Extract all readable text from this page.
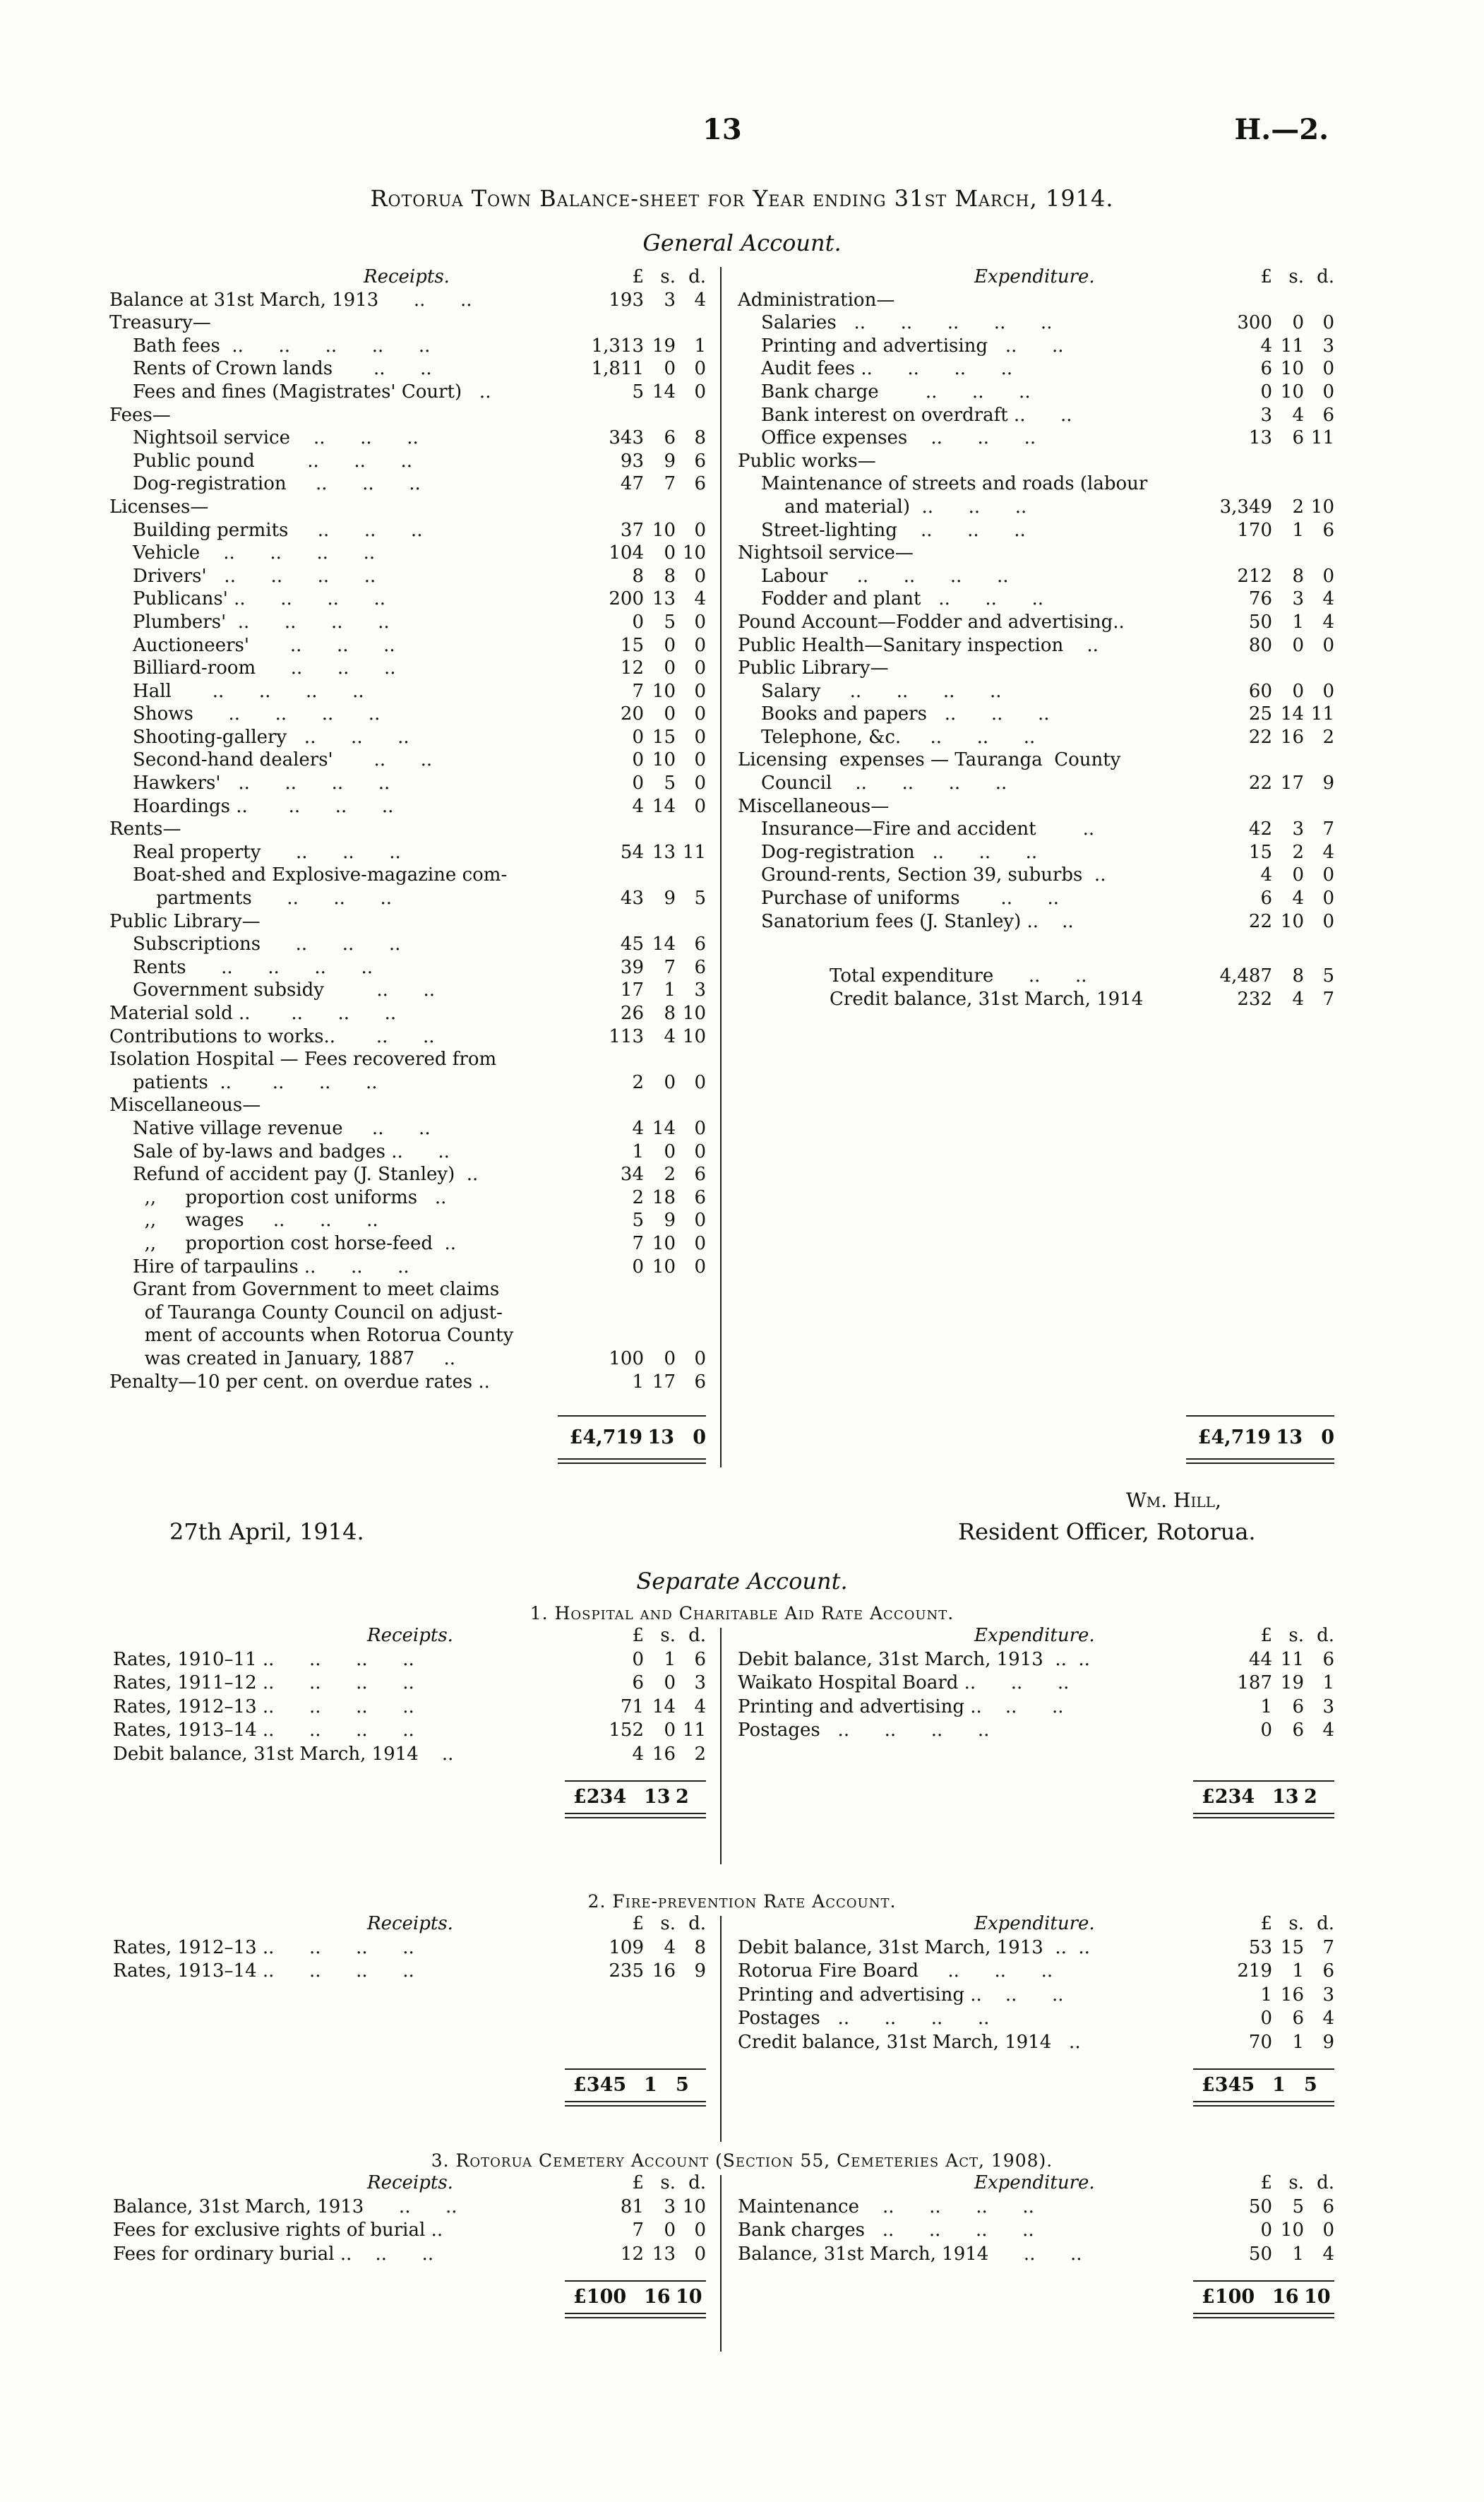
13	H.—2.
Rotorua Town Balance-sheet for Year ending 31st March, 1914.
General Account.
Receipts.	£ s. d.
Balance at 31st March, 1913      ..      ..	193	3	4
Treasury—
Bath fees  ..      ..      ..      ..      ..	1,313 19	1
Rents of Crown lands       ..      ..	1,811	0	0
Fees and fines (Magistrates' Court)   ..	5 14	0
Fees—
Nightsoil service    ..      ..      ..	343	6	8
Public pound         ..      ..      ..	93	9	6
Dog-registration     ..      ..      ..	47	7	6
Licenses—
Building permits     ..      ..      ..	37 10	0
Vehicle    ..      ..      ..      ..	104	0 10
Drivers'   ..      ..      ..      ..	8	8	0
Publicans' ..      ..      ..      ..	200 13	4
Plumbers'  ..      ..      ..      ..	0	5	0
Auctioneers'       ..      ..      ..	15	0	0
Billiard-room      ..      ..      ..	12	0	0
Hall       ..      ..      ..      ..	7 10	0
Shows      ..      ..      ..      ..	20	0	0
Shooting-gallery   ..      ..      ..	0 15	0
Second-hand dealers'       ..      ..	0 10	0
Hawkers'   ..      ..      ..      ..	0	5	0
Hoardings ..       ..      ..      ..	4 14	0
Rents—
Real property      ..      ..      ..	54 13 11
Boat-shed and Explosive-magazine com-
partments      ..      ..      ..	43	9	5
Public Library—
Subscriptions      ..      ..      ..	45 14	6
Rents      ..      ..      ..      ..	39	7	6
Government subsidy         ..      ..	17	1	3
Material sold ..       ..      ..      ..	26	8 10
Contributions to works..       ..      ..	113	4 10
Isolation Hospital — Fees recovered from
patients  ..       ..      ..      ..	2	0	0
Miscellaneous—
Native village revenue     ..      ..	4 14	0
Sale of by-laws and badges ..      ..	1	0	0
Refund of accident pay (J. Stanley)  ..	34	2	6
,,     proportion cost uniforms   ..	2 18	6
,,     wages     ..      ..      ..	5	9	0
,,     proportion cost horse-feed  ..	7 10	0
Hire of tarpaulins ..      ..      ..	0 10	0
Grant from Government to meet claims
of Tauranga County Council on adjust-
ment of accounts when Rotorua County
was created in January, 1887     ..	100	0	0
Penalty—10 per cent. on overdue rates ..	1 17	6
Expenditure.	£ s. d.
Administration—
Salaries   ..      ..      ..      ..      ..	300	0	0
Printing and advertising   ..      ..	4 11	3
Audit fees ..      ..      ..      ..	6 10	0
Bank charge        ..      ..      ..	0 10	0
Bank interest on overdraft ..      ..	3	4	6
Office expenses    ..      ..      ..	13	6 11
Public works—
Maintenance of streets and roads (labour
and material)  ..      ..      ..	3,349	2 10
Street-lighting    ..      ..      ..	170	1	6
Nightsoil service—
Labour     ..      ..      ..      ..	212	8	0
Fodder and plant   ..      ..      ..	76	3	4
Pound Account—Fodder and advertising..	50	1	4
Public Health—Sanitary inspection    ..	80	0	0
Public Library—
Salary     ..      ..      ..      ..	60	0	0
Books and papers   ..      ..      ..	25 14 11
Telephone, &c.     ..      ..      ..	22 16	2
Licensing  expenses — Tauranga  County
Council    ..      ..      ..      ..	22 17	9
Miscellaneous—
Insurance—Fire and accident        ..	42	3	7
Dog-registration   ..      ..      ..	15	2	4
Ground-rents, Section 39, suburbs  ..	4	0	0
Purchase of uniforms       ..      ..	6	4	0
Sanatorium fees (J. Stanley) ..    ..	22 10	0
Total expenditure      ..      ..	4,487	8	5
Credit balance, 31st March, 1914	232	4	7
£4,719 13 0	£4,719 13 0
27th April, 1914.
Wm. Hill,
Resident Officer, Rotorua.
Separate Account.
1. Hospital and Charitable Aid Rate Account.
Receipts.	£ s. d.
Rates, 1910–11 ..      ..      ..      ..	0	1	6
Rates, 1911–12 ..      ..      ..      ..	6	0	3
Rates, 1912–13 ..      ..      ..      ..	71 14	4
Rates, 1913–14 ..      ..      ..      ..	152	0 11
Debit balance, 31st March, 1914    ..	4 16	2
£234 13 2
Expenditure.	£ s. d.
Debit balance, 31st March, 1913  ..  ..	44 11	6
Waikato Hospital Board ..      ..      ..	187 19	1
Printing and advertising ..    ..      ..	1	6	3
Postages   ..      ..      ..      ..	0	6	4
£234 13 2
2. Fire-prevention Rate Account.
Receipts.	£ s. d.
Rates, 1912–13 ..      ..      ..      ..	109	4	8
Rates, 1913–14 ..      ..      ..      ..	235 16	9
£345 1 5
Expenditure.	£ s. d.
Debit balance, 31st March, 1913  ..  ..	53 15	7
Rotorua Fire Board     ..      ..      ..	219	1	6
Printing and advertising ..    ..      ..	1 16	3
Postages   ..      ..      ..      ..	0	6	4
Credit balance, 31st March, 1914   ..	70	1	9
£345 1 5
3. Rotorua Cemetery Account (Section 55, Cemeteries Act, 1908).
Receipts.	£ s. d.
Balance, 31st March, 1913      ..      ..	81	3 10
Fees for exclusive rights of burial ..	7	0	0
Fees for ordinary burial ..    ..      ..	12 13	0
£100 16 10
Expenditure.	£ s. d.
Maintenance    ..      ..      ..      ..	50	5	6
Bank charges   ..      ..      ..      ..	0 10	0
Balance, 31st March, 1914      ..      ..	50	1	4
£100 16 10
